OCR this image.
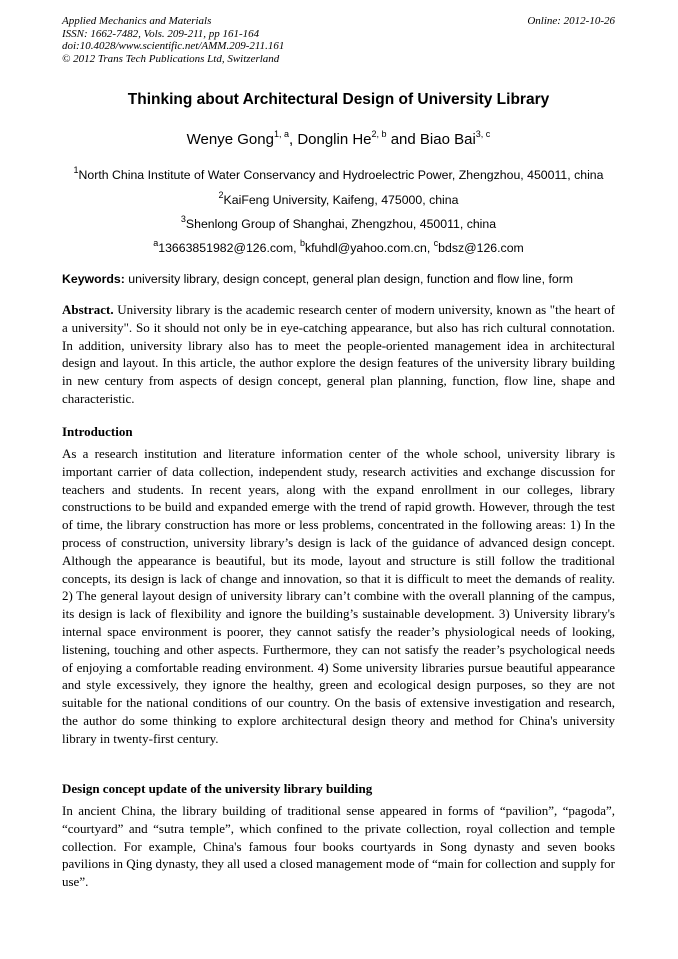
Applied Mechanics and Materials
ISSN: 1662-7482, Vols. 209-211, pp 161-164
doi:10.4028/www.scientific.net/AMM.209-211.161
© 2012 Trans Tech Publications Ltd, Switzerland
Online: 2012-10-26
Thinking about Architectural Design of University Library
Wenye Gong$^{1, a}$, Donglin He$^{2, b}$ and Biao Bai$^{3, c}$
$^1$North China Institute of Water Conservancy and Hydroelectric Power, Zhengzhou, 450011, china
$^2$KaiFeng University, Kaifeng, 475000, china
$^3$Shenlong Group of Shanghai, Zhengzhou, 450011, china
$^a$13663851982@126.com, $^b$kfuhdl@yahoo.com.cn, $^c$bdsz@126.com
Keywords: university library, design concept, general plan design, function and flow line, form
Abstract. University library is the academic research center of modern university, known as "the heart of a university". So it should not only be in eye-catching appearance, but also has rich cultural connotation. In addition, university library also has to meet the people-oriented management idea in architectural design and layout. In this article, the author explore the design features of the university library building in new century from aspects of design concept, general plan planning, function, flow line, shape and characteristic.
Introduction
As a research institution and literature information center of the whole school, university library is important carrier of data collection, independent study, research activities and exchange discussion for teachers and students. In recent years, along with the expand enrollment in our colleges, library constructions to be build and expanded emerge with the trend of rapid growth. However, through the test of time, the library construction has more or less problems, concentrated in the following areas: 1) In the process of construction, university library’s design is lack of the guidance of advanced design concept. Although the appearance is beautiful, but its mode, layout and structure is still follow the traditional concepts, its design is lack of change and innovation, so that it is difficult to meet the demands of reality. 2) The general layout design of university library can’t combine with the overall planning of the campus, its design is lack of flexibility and ignore the building’s sustainable development. 3) University library's internal space environment is poorer, they cannot satisfy the reader’s physiological needs of looking, listening, touching and other aspects. Furthermore, they can not satisfy the reader’s psychological needs of enjoying a comfortable reading environment. 4) Some university libraries pursue beautiful appearance and style excessively, they ignore the healthy, green and ecological design purposes, so they are not suitable for the national conditions of our country. On the basis of extensive investigation and research, the author do some thinking to explore architectural design theory and method for China's university library in twenty-first century.
Design concept update of the university library building
In ancient China, the library building of traditional sense appeared in forms of “pavilion”, “pagoda”, “courtyard” and “sutra temple”, which confined to the private collection, royal collection and temple collection. For example, China's famous four books courtyards in Song dynasty and seven books pavilions in Qing dynasty, they all used a closed management mode of “main for collection and supply for use”.
